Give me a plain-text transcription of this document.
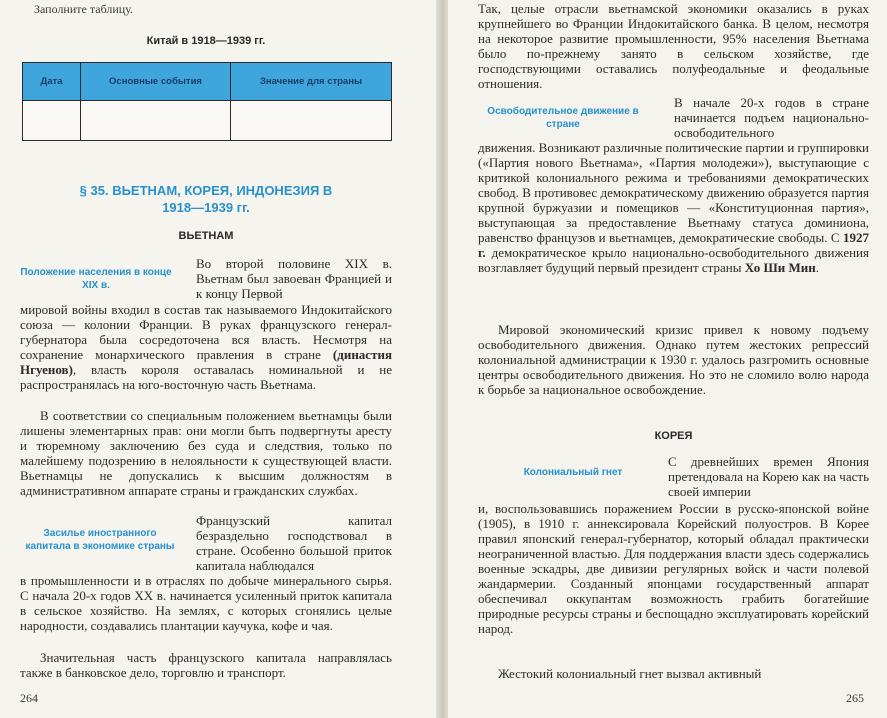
Заполните таблицу.
Китай в 1918—1939 гг.
Дата	Основные события	Значение для страны

§ 35. ВЬЕТНАМ, КОРЕЯ, ИНДОНЕЗИЯ В
1918—1939 гг.
ВЬЕТНАМ
Положение населения в конце XIX в.
Во второй половине XIX в. Вьетнам был завоеван Францией и к концу Первой
мировой войны входил в состав так называемого Индокитайского союза — колонии Франции. В руках французского генерал-губернатора была сосредоточена вся власть. Несмотря на сохранение монархического правления в стране (династия Нгуенов), власть короля оставалась номинальной и не распространялась на юго-восточную часть Вьетнама.
В соответствии со специальным положением вьетнамцы были лишены элементарных прав: они могли быть подвергнуты аресту и тюремному заключению без суда и следствия, только по малейшему подозрению в нелояльности к существующей власти. Вьетнамцы не допускались к высшим должностям в административном аппарате страны и гражданских службах.
Засилье иностранного капитала в экономике страны
Французский капитал безраздельно господствовал в стране. Особенно большой приток капитала наблюдался
в промышленности и в отраслях по добыче минерального сырья. С начала 20-х годов XX в. начинается усиленный приток капитала в сельское хозяйство. На землях, с которых сгонялись целые народности, создавались плантации каучука, кофе и чая.
Значительная часть французского капитала направлялась также в банковское дело, торговлю и транспорт.
264
Так, целые отрасли вьетнамской экономики оказались в руках крупнейшего во Франции Индокитайского банка. В целом, несмотря на некоторое развитие промышленности, 95% населения Вьетнама было по-прежнему занято в сельском хозяйстве, где господствующими оставались полуфеодальные и феодальные отношения.
Освободительное движение в стране
В начале 20-х годов в стране начинается подъем национально-освободительного
движения. Возникают различные политические партии и группировки («Партия нового Вьетнама», «Партия молодежи»), выступающие с критикой колониального режима и требованиями демократических свобод. В противовес демократическому движению образуется партия крупной буржуазии и помещиков — «Конституционная партия», выступающая за предоставление Вьетнаму статуса доминиона, равенство французов и вьетнамцев, демократические свободы. С 1927 г. демократическое крыло национально-освободительного движения возглавляет будущий первый президент страны Хо Ши Мин.
Мировой экономический кризис привел к новому подъему освободительного движения. Однако путем жестоких репрессий колониальной администрации к 1930 г. удалось разгромить основные центры освободительного движения. Но это не сломило волю народа к борьбе за национальное освобождение.
КОРЕЯ
Колониальный гнет
С древнейших времен Япония претендовала на Корею как на часть своей империи
и, воспользовавшись поражением России в русско-японской войне (1905), в 1910 г. аннексировала Корейский полуостров. В Корее правил японский генерал-губернатор, который обладал практически неограниченной властью. Для поддержания власти здесь содержались военные эскадры, две дивизии регулярных войск и части полевой жандармерии. Созданный японцами государственный аппарат обеспечивал оккупантам возможность грабить богатейшие природные ресурсы страны и беспощадно эксплуатировать корейский народ.
Жестокий колониальный гнет вызвал активный
265
